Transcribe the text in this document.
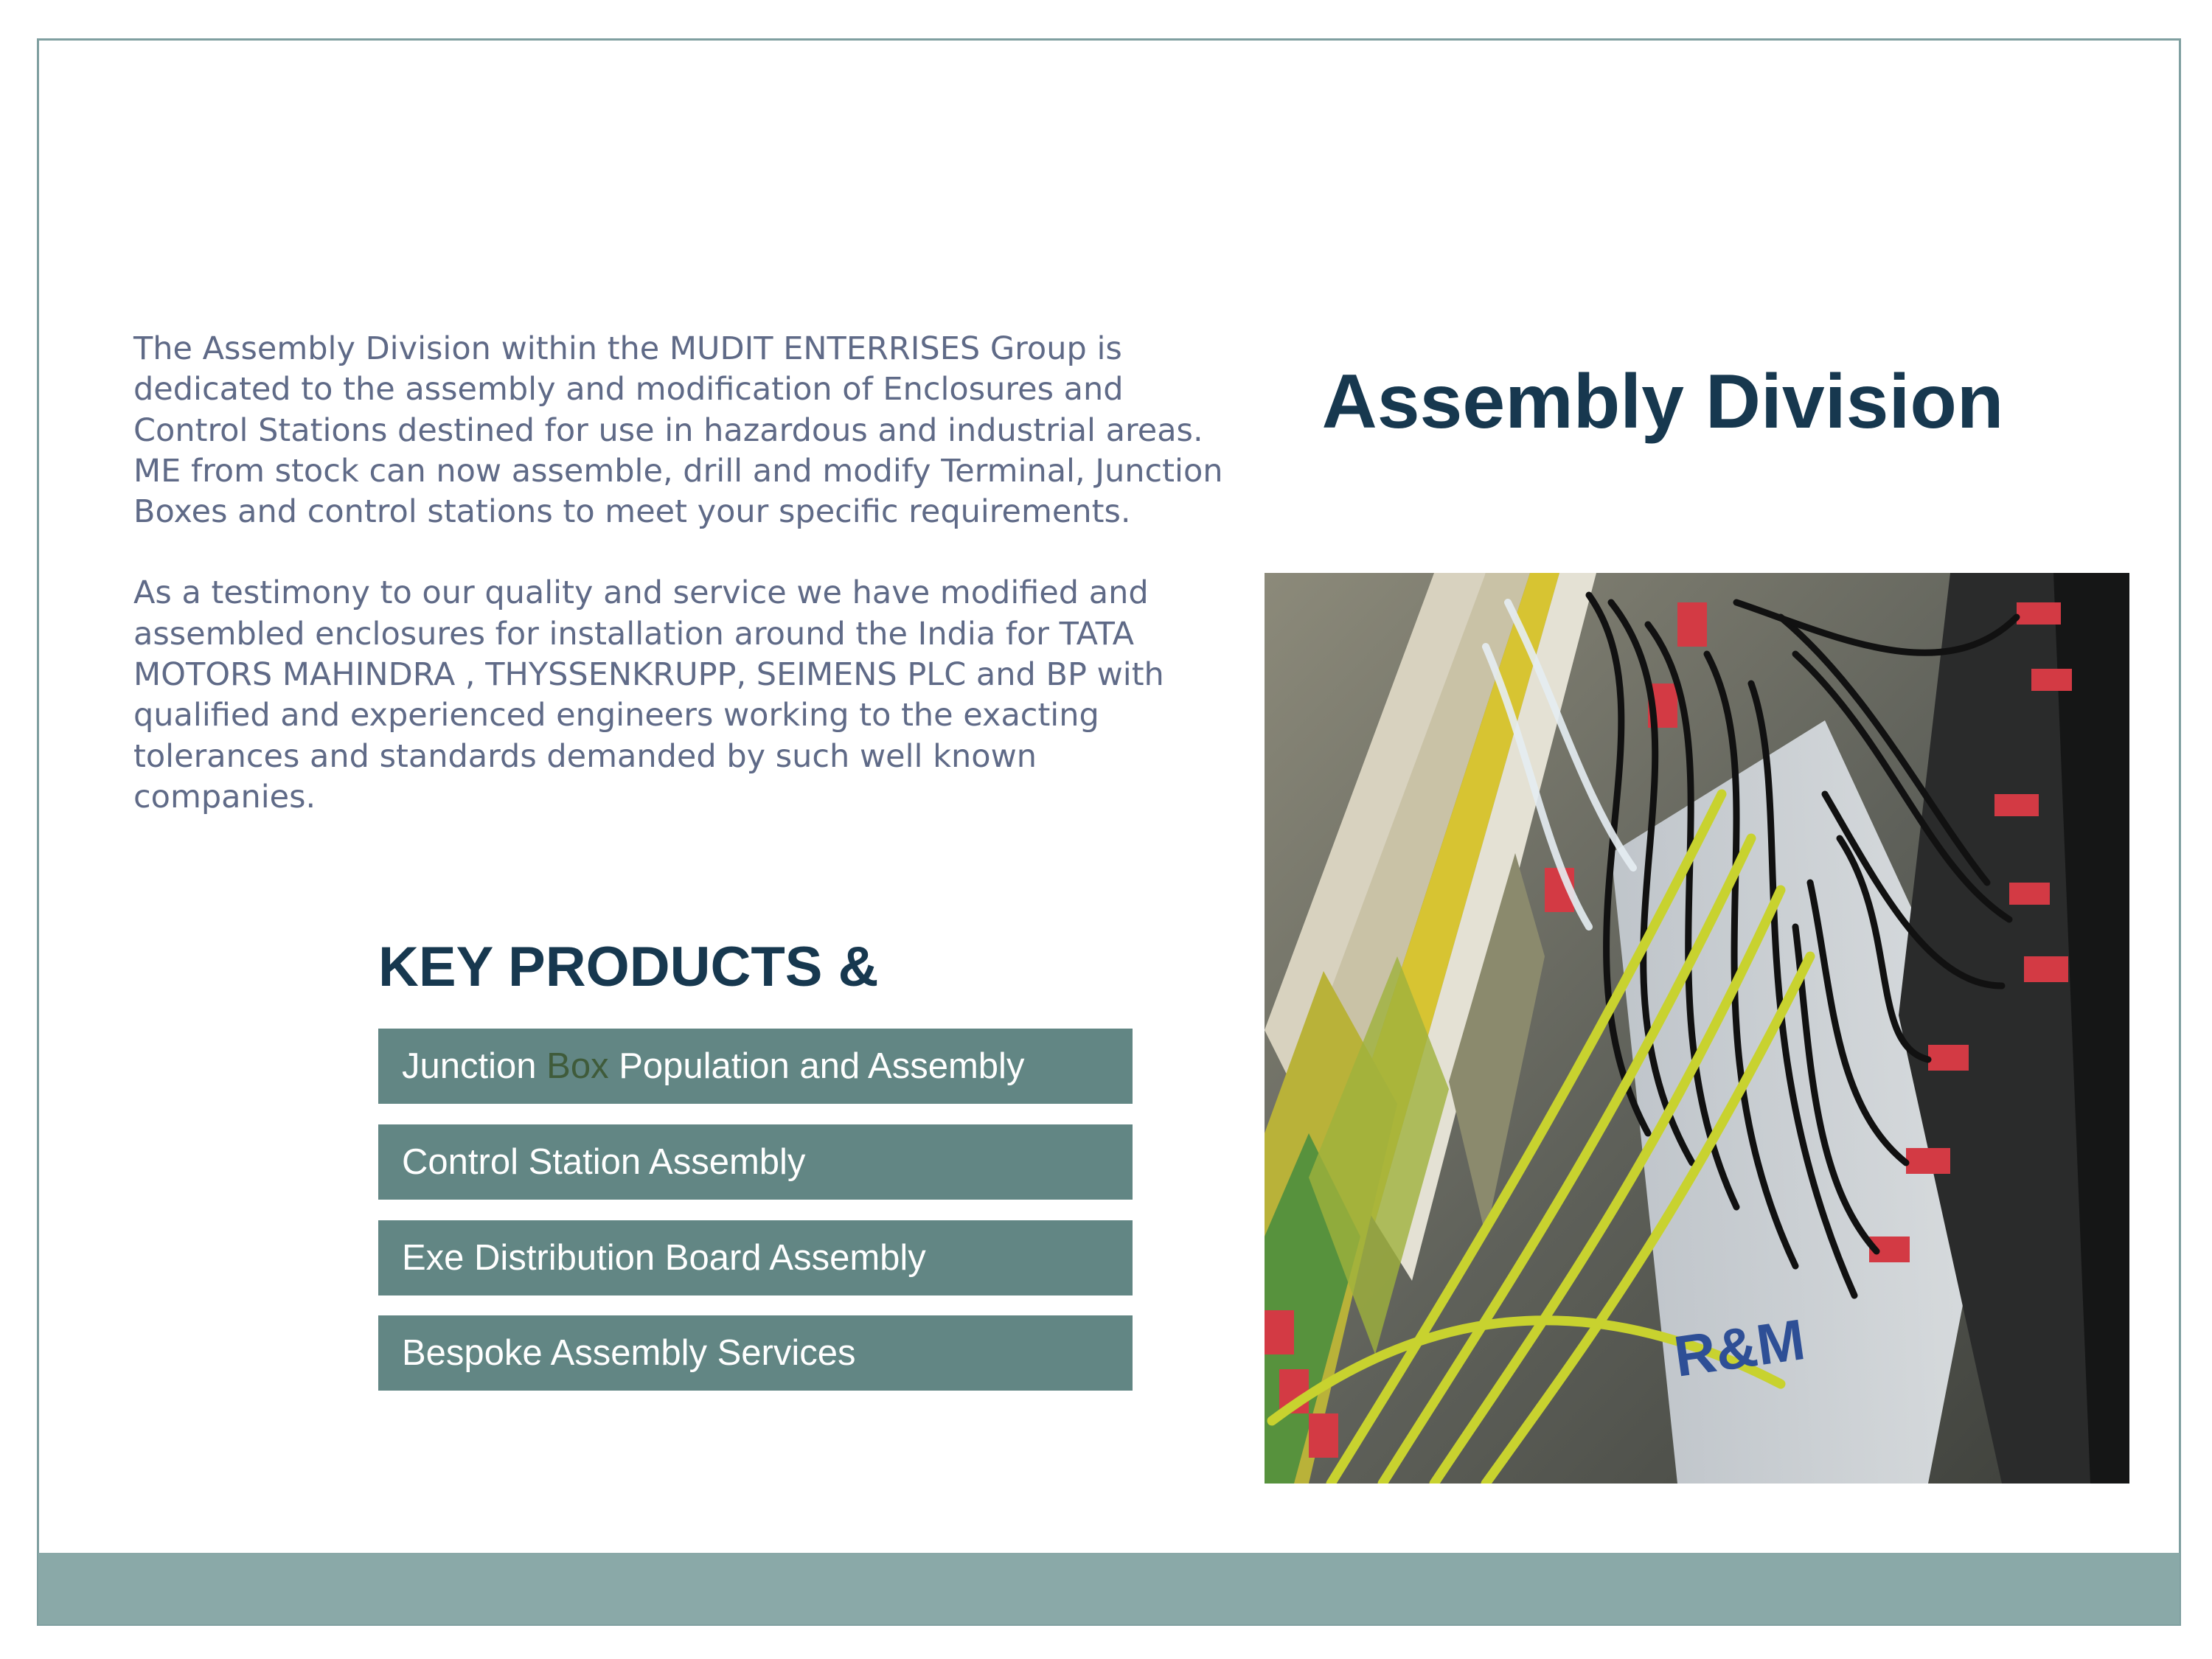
The Assembly Division within the MUDIT ENTERRISES Group is dedicated to the assembly and modification of Enclosures and Control Stations destined for use in hazardous and industrial areas. ME from stock can now assemble, drill and modify Terminal, Junction Boxes and control stations to meet your specific requirements.

As a testimony to our quality and service we have modified and assembled enclosures for installation around the India for TATA MOTORS MAHINDRA , THYSSENKRUPP, SEIMENS PLC and BP with qualified and experienced engineers working to the exacting tolerances and standards demanded by such well known companies.

Assembly Division
KEY PRODUCTS &
Junction Box Population and Assembly
Control Station Assembly
Exe Distribution Board Assembly
Bespoke Assembly Services	R&M
